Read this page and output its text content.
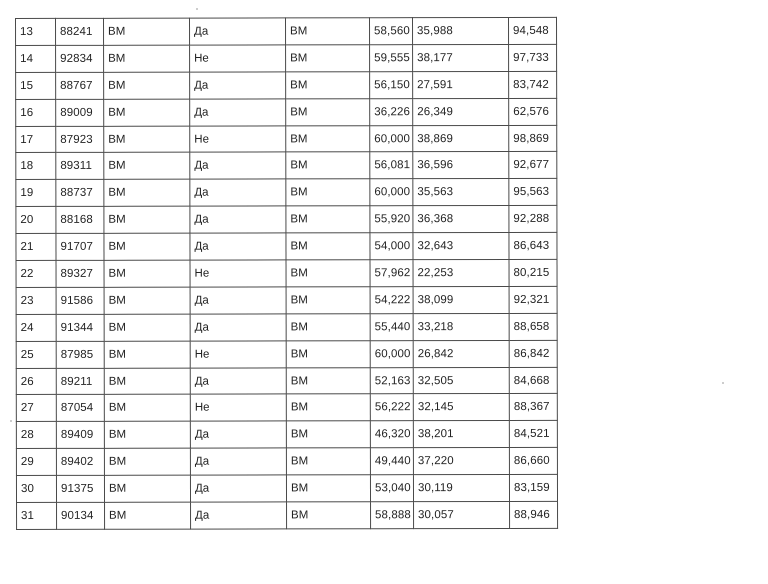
13	88241	ВМ	Да	ВМ	58,560	35,988	94,548
14	92834	ВМ	Не	ВМ	59,555	38,177	97,733
15	88767	ВМ	Да	ВМ	56,150	27,591	83,742
16	89009	ВМ	Да	ВМ	36,226	26,349	62,576
17	87923	ВМ	Не	ВМ	60,000	38,869	98,869
18	89311	ВМ	Да	ВМ	56,081	36,596	92,677
19	88737	ВМ	Да	ВМ	60,000	35,563	95,563
20	88168	ВМ	Да	ВМ	55,920	36,368	92,288
21	91707	ВМ	Да	ВМ	54,000	32,643	86,643
22	89327	ВМ	Не	ВМ	57,962	22,253	80,215
23	91586	ВМ	Да	ВМ	54,222	38,099	92,321
24	91344	ВМ	Да	ВМ	55,440	33,218	88,658
25	87985	ВМ	Не	ВМ	60,000	26,842	86,842
26	89211	ВМ	Да	ВМ	52,163	32,505	84,668
27	87054	ВМ	Не	ВМ	56,222	32,145	88,367
28	89409	ВМ	Да	ВМ	46,320	38,201	84,521
29	89402	ВМ	Да	ВМ	49,440	37,220	86,660
30	91375	ВМ	Да	ВМ	53,040	30,119	83,159
31	90134	ВМ	Да	ВМ	58,888	30,057	88,946
